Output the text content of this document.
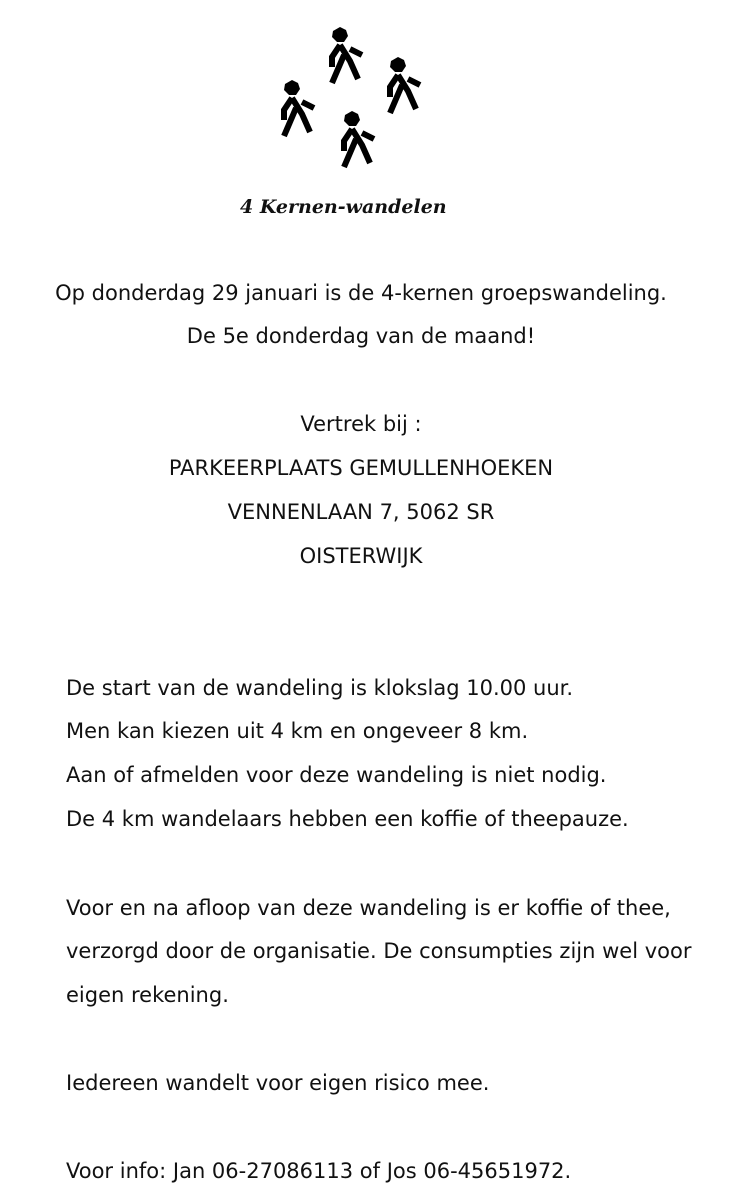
4 Kernen-wandelen
Op donderdag 29 januari is de 4-kernen groepswandeling.
De 5e donderdag van de maand!
Vertrek bij :
PARKEERPLAATS GEMULLENHOEKEN
VENNENLAAN 7, 5062 SR
OISTERWIJK
De start van de wandeling is klokslag 10.00 uur.
Men kan kiezen uit 4 km en ongeveer 8 km.
Aan of afmelden voor deze wandeling is niet nodig.
De 4 km wandelaars hebben een koffie of theepauze.
Voor en na afloop van deze wandeling is er koffie of thee,
verzorgd door de organisatie. De consumpties zijn wel voor
eigen rekening.
Iedereen wandelt voor eigen risico mee.
Voor info: Jan 06-27086113 of Jos 06-45651972.
